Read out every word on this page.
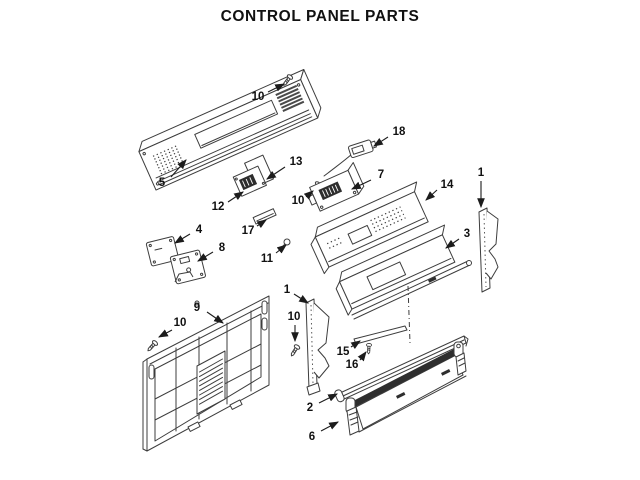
CONTROL PANEL PARTS
10
5
13
12
17
4
8
11
18
7
10
14
1
3
9
10
1
10
15
16
2
6
